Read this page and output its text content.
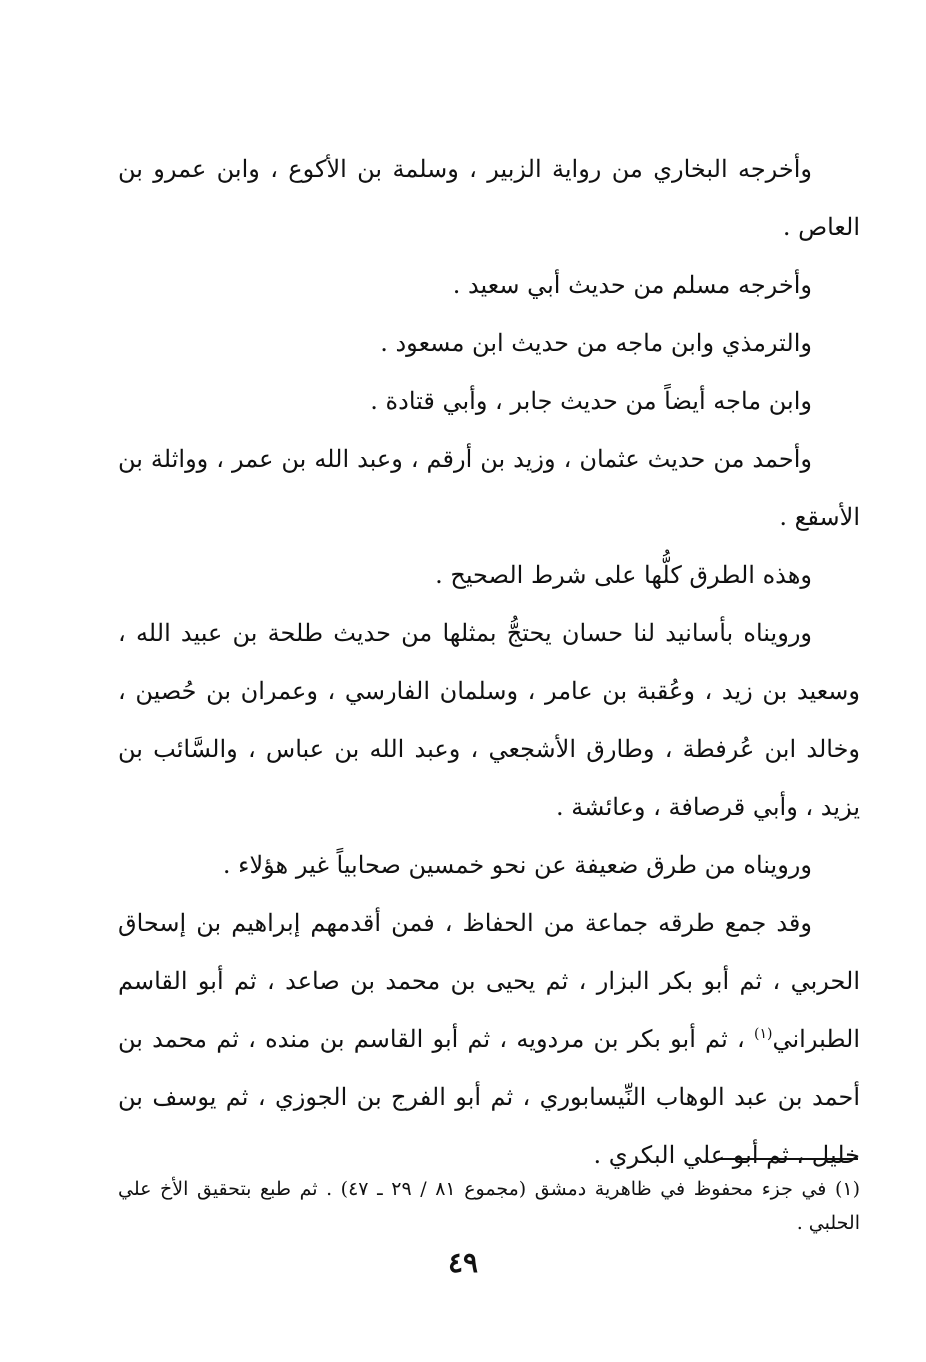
وأخرجه البخاري من رواية الزبير ، وسلمة بن الأكوع ، وابن عمرو بن العاص .

وأخرجه مسلم من حديث أبي سعيد .

والترمذي وابن ماجه من حديث ابن مسعود .

وابن ماجه أيضاً من حديث جابر ، وأبي قتادة .

وأحمد من حديث عثمان ، وزيد بن أرقم ، وعبد الله بن عمر ، وواثلة بن الأسقع .

وهذه الطرق كلُّها على شرط الصحيح .

ورويناه بأسانيد لنا حسان يحتجُّ بمثلها من حديث طلحة بن عبيد الله ، وسعيد بن زيد ، وعُقبة بن عامر ، وسلمان الفارسي ، وعمران بن حُصين ، وخالد ابن عُرفطة ، وطارق الأشجعي ، وعبد الله بن عباس ، والسَّائب بن يزيد ، وأبي قرصافة ، وعائشة .

ورويناه من طرق ضعيفة عن نحو خمسين صحابياً غير هؤلاء .

وقد جمع طرقه جماعة من الحفاظ ، فمن أقدمهم إبراهيم بن إسحاق الحربي ، ثم أبو بكر البزار ، ثم يحيى بن محمد بن صاعد ، ثم أبو القاسم الطبراني$^{(١)}$ ، ثم أبو بكر بن مردويه ، ثم أبو القاسم بن منده ، ثم محمد بن أحمد بن عبد الوهاب النِّيسابوري ، ثم أبو الفرج بن الجوزي ، ثم يوسف بن خليل ، ثم أبو علي البكري .

(١) في جزء محفوظ في ظاهرية دمشق (مجموع ٨١ / ٢٩ ـ ٤٧) . ثم طبع بتحقيق الأخ علي الحلبي .

٤٩
